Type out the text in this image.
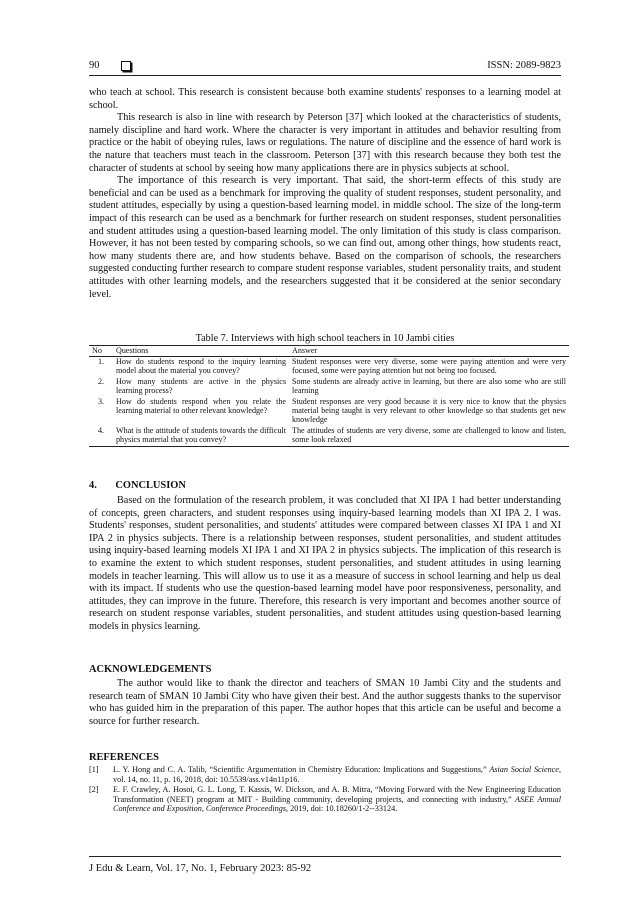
90	ISSN: 2089-9823

who teach at school. This research is consistent because both examine students' responses to a learning model at school.

This research is also in line with research by Peterson [37] which looked at the characteristics of students, namely discipline and hard work. Where the character is very important in attitudes and behavior resulting from practice or the habit of obeying rules, laws or regulations. The nature of discipline and the essence of hard work is the nature that teachers must teach in the classroom. Peterson [37] with this research because they both test the character of students at school by seeing how many applications there are in physics subjects at school.

The importance of this research is very important. That said, the short-term effects of this study are beneficial and can be used as a benchmark for improving the quality of student responses, student personality, and student attitudes, especially by using a question-based learning model. in middle school. The size of the long-term impact of this research can be used as a benchmark for further research on student responses, student personalities and student attitudes using a question-based learning model. The only limitation of this study is class comparison. However, it has not been tested by comparing schools, so we can find out, among other things, how students react, how many students there are, and how students behave. Based on the comparison of schools, the researchers suggested conducting further research to compare student response variables, student personality traits, and student attitudes with other learning models, and the researchers suggested that it be considered at the senior secondary level.

Table 7. Interviews with high school teachers in 10 Jambi cities
No	Questions	Answer
1.	How do students respond to the inquiry learning model about the material you convey?	Student responses were very diverse, some were paying attention and were very focused, some were paying attention but not being too focused.
2.	How many students are active in the physics learning process?	Some students are already active in learning, but there are also some who are still learning
3.	How do students respond when you relate the learning material to other relevant knowledge?	Student responses are very good because it is very nice to know that the physics material being taught is very relevant to other knowledge so that students get new knowledge
4.	What is the attitude of students towards the difficult physics material that you convey?	The attitudes of students are very diverse, some are challenged to know and listen, some look relaxed
4. CONCLUSION

Based on the formulation of the research problem, it was concluded that XI IPA 1 had better understanding of concepts, green characters, and student responses using inquiry-based learning models than XI IPA 2. I was. Students' responses, student personalities, and students' attitudes were compared between classes XI IPA 1 and XI IPA 2 in physics subjects. There is a relationship between responses, student personalities, and student attitudes using inquiry-based learning models XI IPA 1 and XI IPA 2 in physics subjects. The implication of this research is to examine the extent to which student responses, student personalities, and student attitudes in using learning models in teacher learning. This will allow us to use it as a measure of success in school learning and help us deal with its impact. If students who use the question-based learning model have poor responsiveness, personality, and attitudes, they can improve in the future. Therefore, this research is very important and becomes another source of research on student response variables, student personalities, and student attitudes using question-based learning models in physics learning.

ACKNOWLEDGEMENTS

The author would like to thank the director and teachers of SMAN 10 Jambi City and the students and research team of SMAN 10 Jambi City who have given their best. And the author suggests thanks to the supervisor who has guided him in the preparation of this paper. The author hopes that this article can be useful and become a source for further research.

REFERENCES
[1] L. Y. Hong and C. A. Talib, “Scientific Argumentation in Chemistry Education: Implications and Suggestions,” Asian Social Science, vol. 14, no. 11, p. 16, 2018, doi: 10.5539/ass.v14n11p16.
[2] E. F. Crawley, A. Hosoi, G. L. Long, T. Kassis, W. Dickson, and A. B. Mitra, “Moving Forward with the New Engineering Education Transformation (NEET) program at MIT - Building community, developing projects, and connecting with industry,” ASEE Annual Conference and Exposition, Conference Proceedings, 2019, doi: 10.18260/1-2--33124.
J Edu & Learn, Vol. 17, No. 1, February 2023: 85-92
